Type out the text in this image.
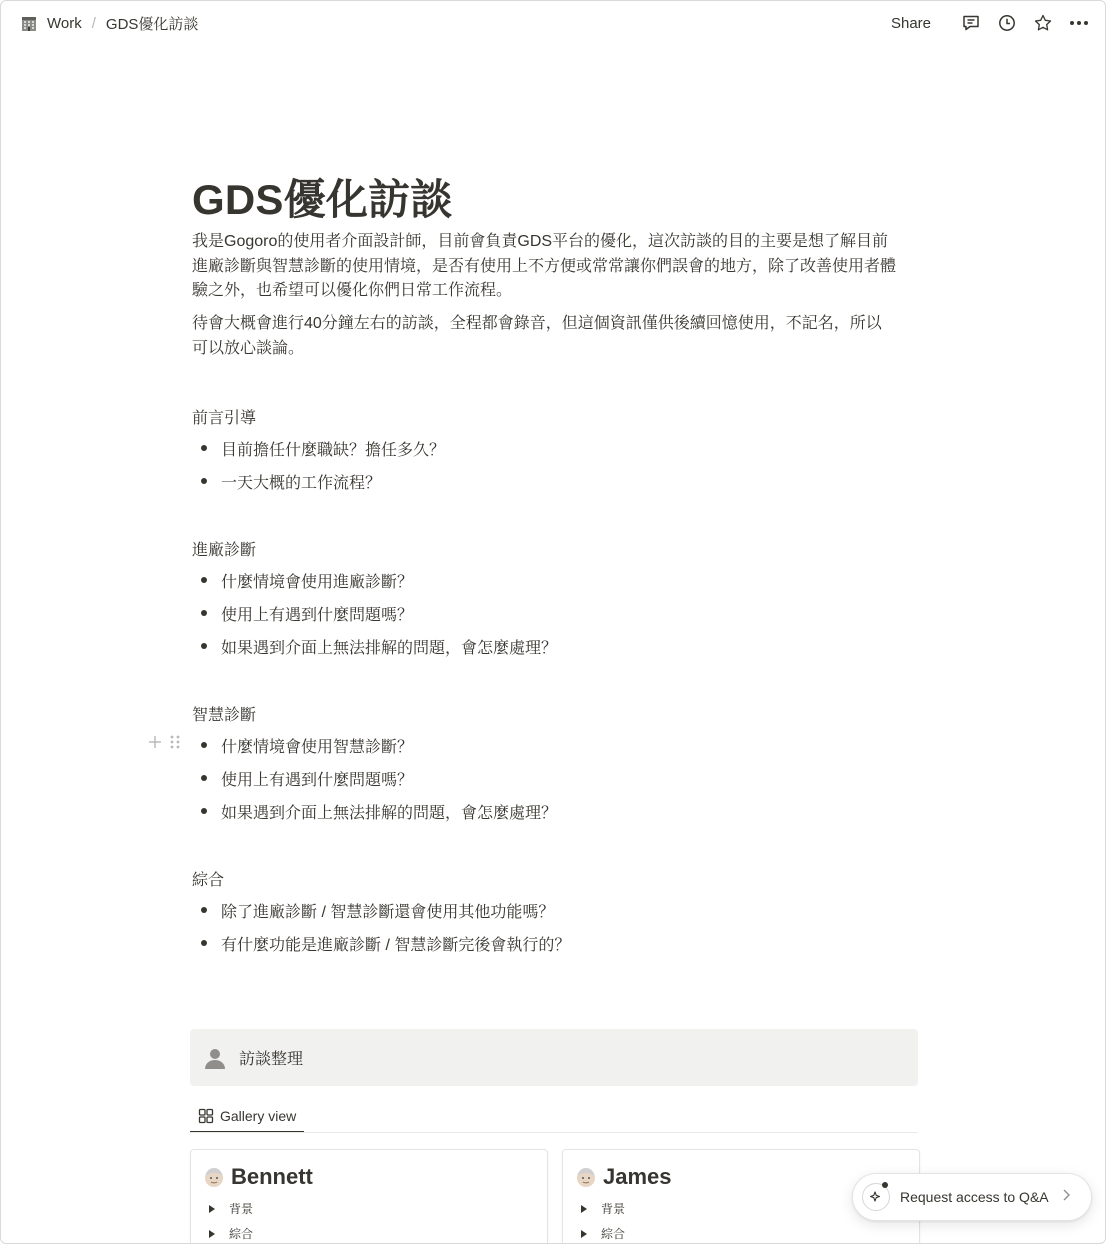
Work / GDS優化訪談	Share
GDS優化訪談
我是Gogoro的使用者介面設計師，目前會負責GDS平台的優化，這次訪談的目的主要是想了解目前
進廠診斷與智慧診斷的使用情境，是否有使用上不方便或常常讓你們誤會的地方，除了改善使用者體
驗之外，也希望可以優化你們日常工作流程。
待會大概會進行40分鐘左右的訪談，全程都會錄音，但這個資訊僅供後續回憶使用，不記名，所以
可以放心談論。
前言引導
目前擔任什麼職缺？擔任多久？
一天大概的工作流程？
進廠診斷
什麼情境會使用進廠診斷？
使用上有遇到什麼問題嗎？
如果遇到介面上無法排解的問題，會怎麼處理？
智慧診斷
什麼情境會使用智慧診斷？
使用上有遇到什麼問題嗎？
如果遇到介面上無法排解的問題，會怎麼處理？
綜合
除了進廠診斷 / 智慧診斷還會使用其他功能嗎？
有什麼功能是進廠診斷 / 智慧診斷完後會執行的？
訪談整理
Gallery view
Bennett
背景
綜合
James
背景
綜合
Request access to Q&A
